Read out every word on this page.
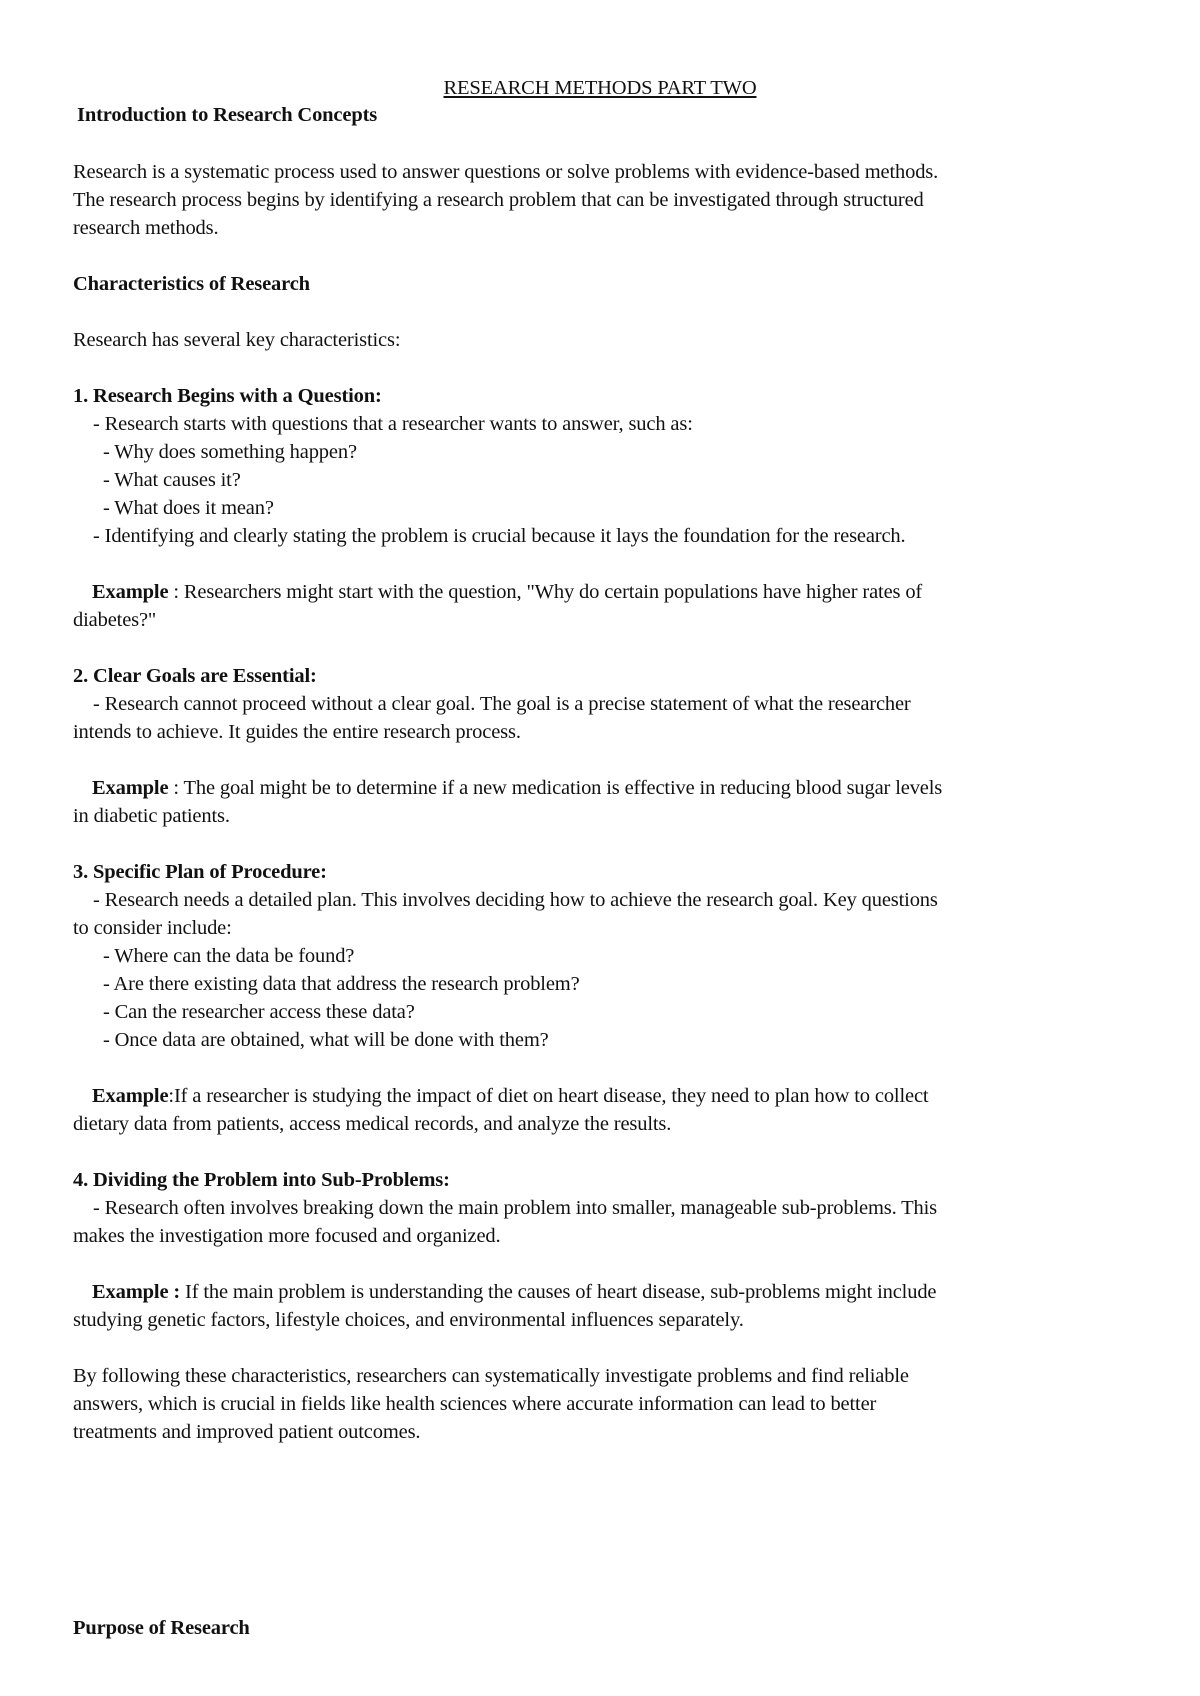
RESEARCH METHODS PART TWO
Introduction to Research Concepts
Research is a systematic process used to answer questions or solve problems with evidence-based methods.
The research process begins by identifying a research problem that can be investigated through structured
research methods.
Characteristics of Research
Research has several key characteristics:
1. Research Begins with a Question:
- Research starts with questions that a researcher wants to answer, such as:
- Why does something happen?
- What causes it?
- What does it mean?
- Identifying and clearly stating the problem is crucial because it lays the foundation for the research.
Example : Researchers might start with the question, "Why do certain populations have higher rates of
diabetes?"
2. Clear Goals are Essential:
- Research cannot proceed without a clear goal. The goal is a precise statement of what the researcher
intends to achieve. It guides the entire research process.
Example : The goal might be to determine if a new medication is effective in reducing blood sugar levels
in diabetic patients.
3. Specific Plan of Procedure:
- Research needs a detailed plan. This involves deciding how to achieve the research goal. Key questions
to consider include:
- Where can the data be found?
- Are there existing data that address the research problem?
- Can the researcher access these data?
- Once data are obtained, what will be done with them?
Example:If a researcher is studying the impact of diet on heart disease, they need to plan how to collect
dietary data from patients, access medical records, and analyze the results.
4. Dividing the Problem into Sub-Problems:
- Research often involves breaking down the main problem into smaller, manageable sub-problems. This
makes the investigation more focused and organized.
Example : If the main problem is understanding the causes of heart disease, sub-problems might include
studying genetic factors, lifestyle choices, and environmental influences separately.
By following these characteristics, researchers can systematically investigate problems and find reliable
answers, which is crucial in fields like health sciences where accurate information can lead to better
treatments and improved patient outcomes.
Purpose of Research
